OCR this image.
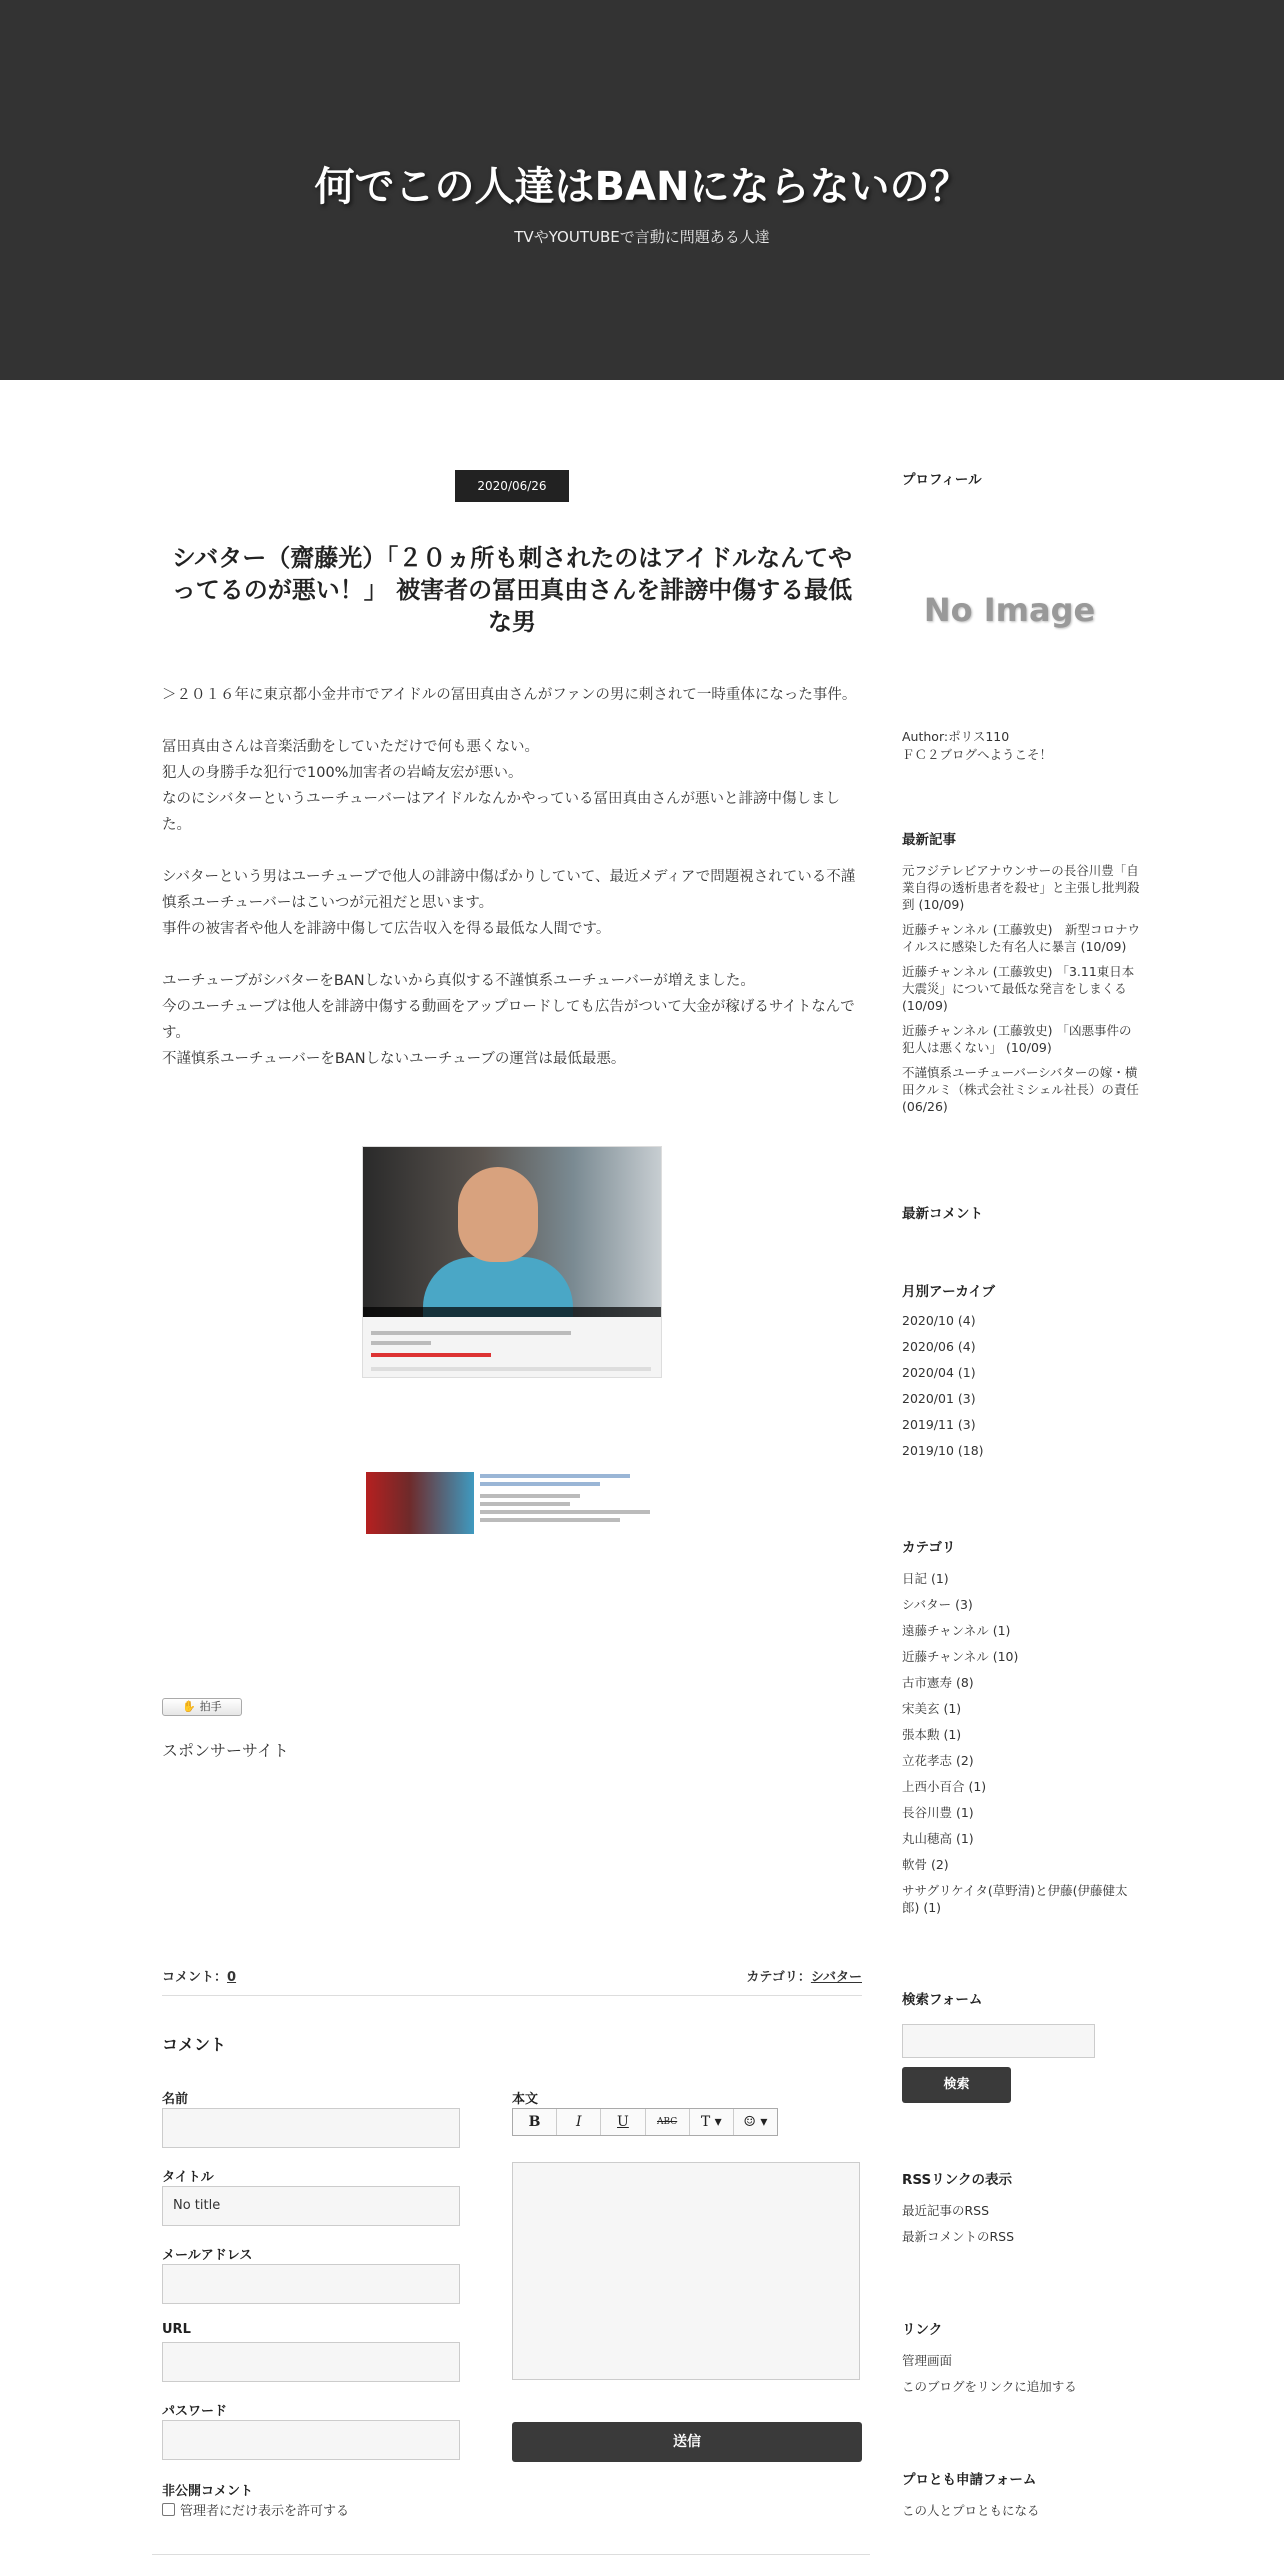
何でこの人達はBANにならないの？
TVやYOUTUBEで言動に問題ある人達
2020/06/26
シバター（齋藤光）「２０ヵ所も刺されたのはアイドルなんてやってるのが悪い！」 被害者の冨田真由さんを誹謗中傷する最低な男

＞２０１６年に東京都小金井市でアイドルの冨田真由さんがファンの男に刺されて一時重体になった事件。

冨田真由さんは音楽活動をしていただけで何も悪くない。

犯人の身勝手な犯行で100%加害者の岩崎友宏が悪い。

なのにシバターというユーチューバーはアイドルなんかやっている冨田真由さんが悪いと誹謗中傷しました。

シバターという男はユーチューブで他人の誹謗中傷ばかりしていて、最近メディアで問題視されている不謹慎系ユーチューバーはこいつが元祖だと思います。

事件の被害者や他人を誹謗中傷して広告収入を得る最低な人間です。

ユーチューブがシバターをBANしないから真似する不謹慎系ユーチューバーが増えました。

今のユーチューブは他人を誹謗中傷する動画をアップロードしても広告がついて大金が稼げるサイトなんです。

不謹慎系ユーチューバーをBANしないユーチューブの運営は最低最悪。

✋ 拍手
スポンサーサイト
コメント：0	カテゴリ：シバター
コメント
名前
タイトル
No title
メールアドレス
URL
パスワード
本文
B	I	U	ABC	T ▾	☺ ▾
送信
非公開コメント
管理者にだけ表示を許可する
プロフィール
No Image
Author:ポリス110
ＦＣ２ブログへようこそ！
最新記事
元フジテレビアナウンサーの長谷川豊「自業自得の透析患者を殺せ」と主張し批判殺到 (10/09)
近藤チャンネル (工藤敦史)　新型コロナウイルスに感染した有名人に暴言 (10/09)
近藤チャンネル (工藤敦史) 「3.11東日本大震災」について最低な発言をしまくる (10/09)
近藤チャンネル (工藤敦史) 「凶悪事件の犯人は悪くない」 (10/09)
不謹慎系ユーチューバーシバターの嫁・横田クルミ（株式会社ミシェル社長）の責任 (06/26)
最新コメント
月別アーカイブ
2020/10 (4)
2020/06 (4)
2020/04 (1)
2020/01 (3)
2019/11 (3)
2019/10 (18)
カテゴリ
日記 (1)
シバター (3)
遠藤チャンネル (1)
近藤チャンネル (10)
古市憲寿 (8)
宋美玄 (1)
張本勲 (1)
立花孝志 (2)
上西小百合 (1)
長谷川豊 (1)
丸山穂高 (1)
軟骨 (2)
ササグリケイタ(草野清)と伊藤(伊藤健太郎) (1)
検索フォーム
検索
RSSリンクの表示
最近記事のRSS
最新コメントのRSS
リンク
管理画面
このブログをリンクに追加する
プロとも申請フォーム
この人とプロともになる
